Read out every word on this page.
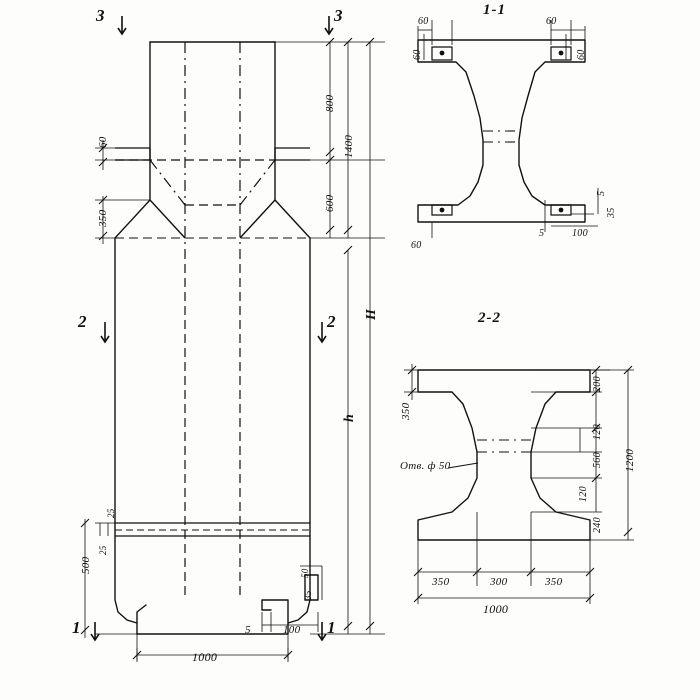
3	3
2	2
1	1
1-1
2-2
800
1400
600
350
60
H
h
500
25
25
1000
5	100
50
35
60	60
60	60
60
5
35
5	100
350
200
120
560
120
240
1200
350	300	350
1000
Отв. ф 50
